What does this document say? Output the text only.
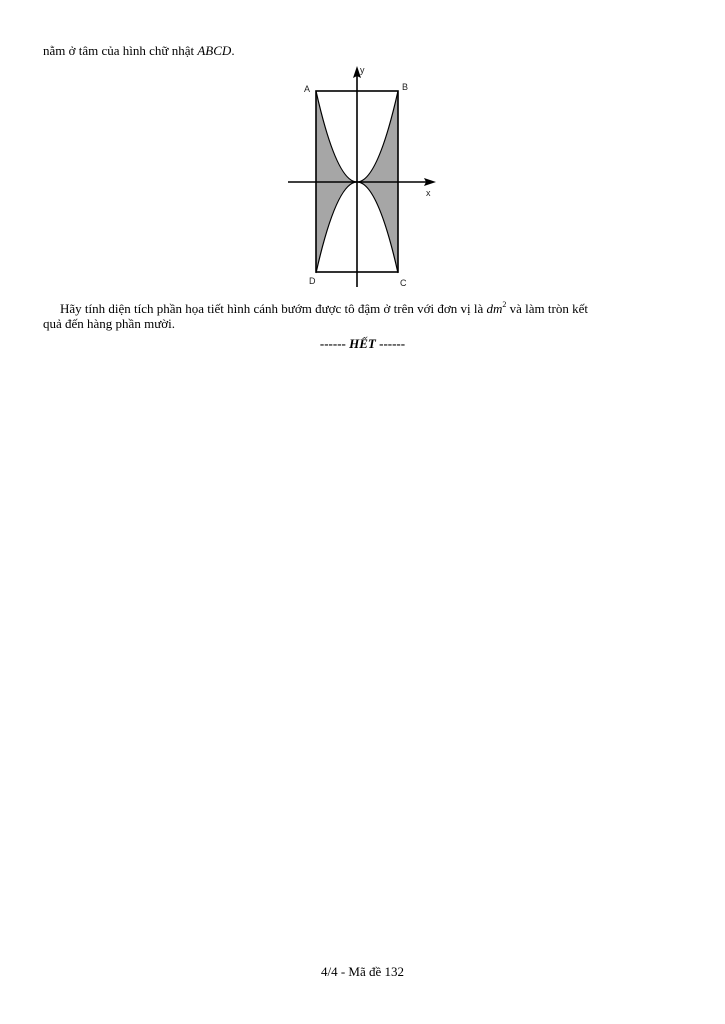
nằm ở tâm của hình chữ nhật ABCD.
A	B
C
D
x
y
Hãy tính diện tích phần họa tiết hình cánh bướm được tô đậm ở trên với đơn vị là $dm^2$ và làm tròn kết
quả đến hàng phần mười.
------ HẾT ------
4/4 - Mã đề 132
